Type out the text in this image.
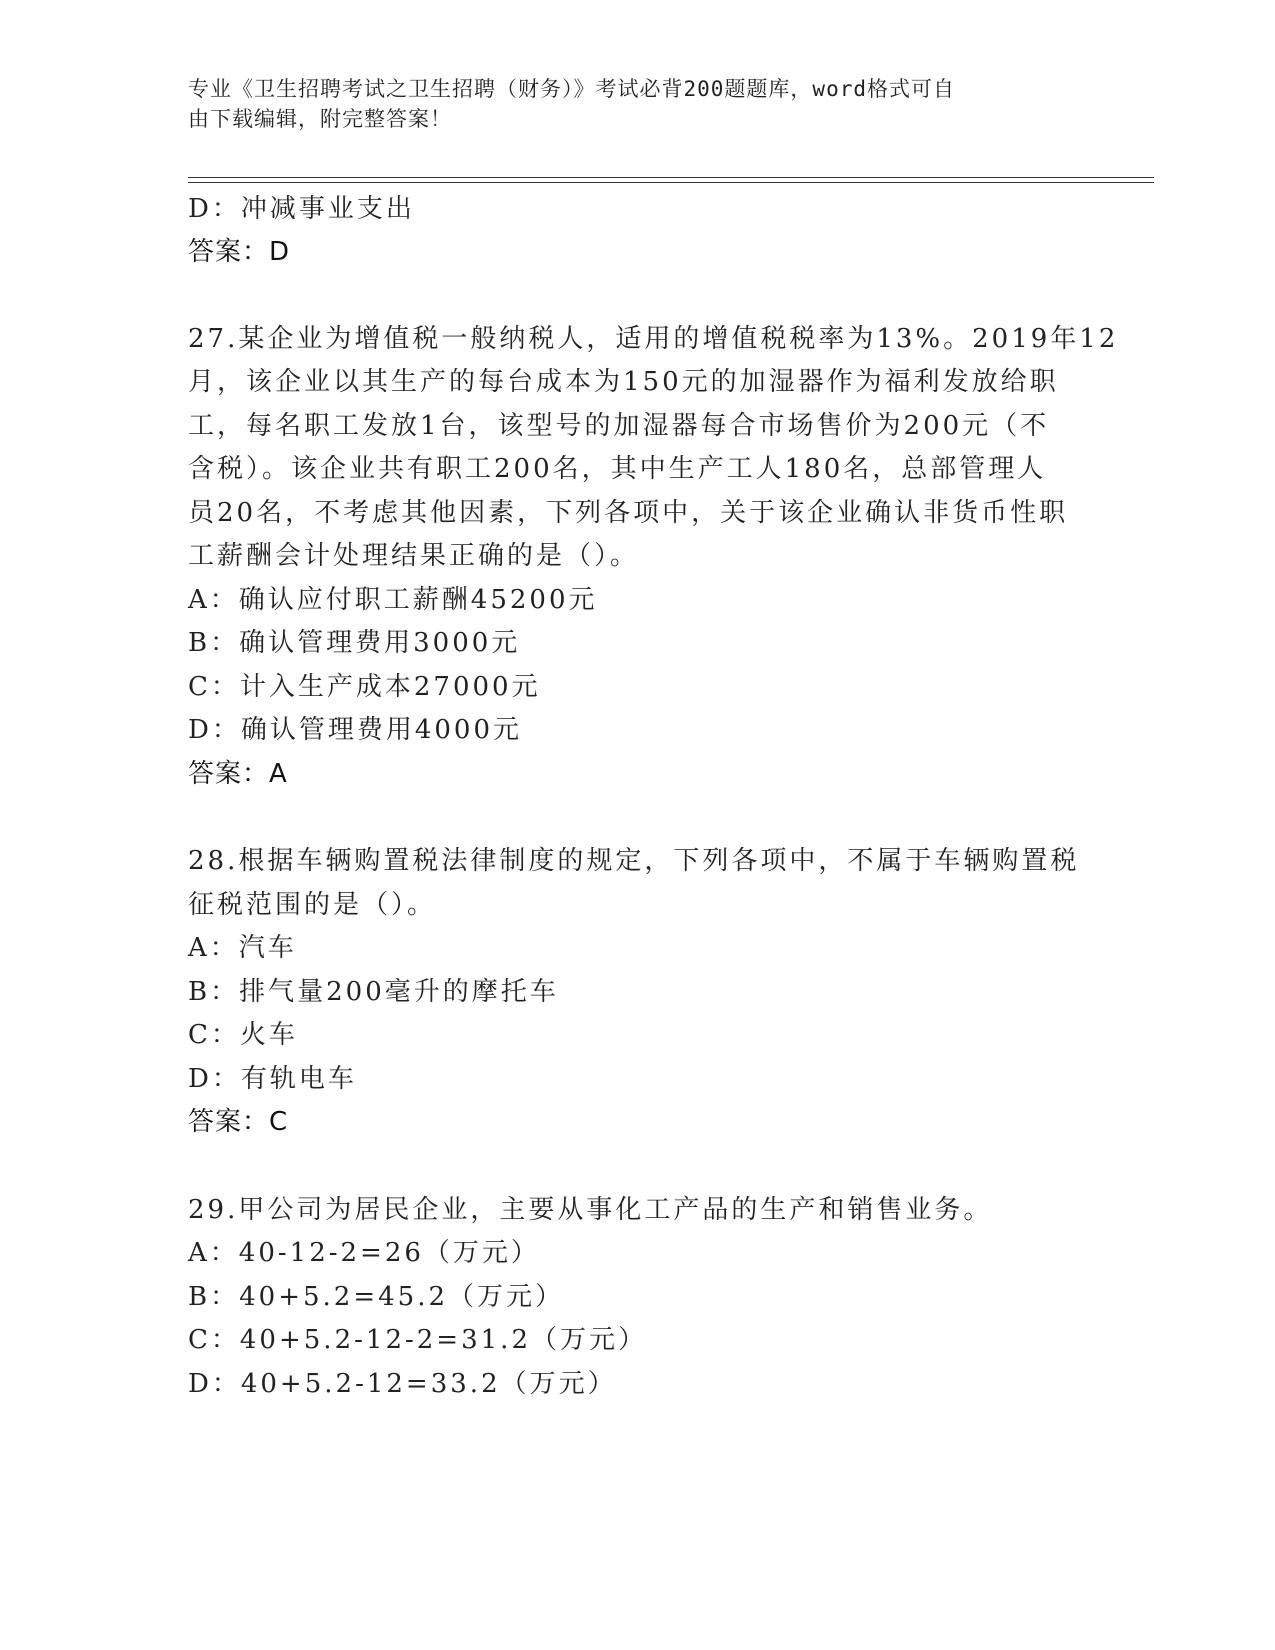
专业《卫生招聘考试之卫生招聘（财务）》考试必背200题题库，word格式可自
由下载编辑，附完整答案！
D：冲减事业支出
答案：D
27.某企业为增值税一般纳税人，适用的增值税税率为13%。2019年12
月，该企业以其生产的每台成本为150元的加湿器作为福利发放给职
工，每名职工发放1台，该型号的加湿器每合市场售价为200元（不
含税）。该企业共有职工200名，其中生产工人180名，总部管理人
员20名，不考虑其他因素，下列各项中，关于该企业确认非货币性职
工薪酬会计处理结果正确的是（）。
A：确认应付职工薪酬45200元
B：确认管理费用3000元
C：计入生产成本27000元
D：确认管理费用4000元
答案：A
28.根据车辆购置税法律制度的规定，下列各项中，不属于车辆购置税
征税范围的是（）。
A：汽车
B：排气量200毫升的摩托车
C：火车
D：有轨电车
答案：C
29.甲公司为居民企业，主要从事化工产品的生产和销售业务。
A：40-12-2=26（万元）
B：40+5.2=45.2（万元）
C：40+5.2-12-2=31.2（万元）
D：40+5.2-12=33.2（万元）
